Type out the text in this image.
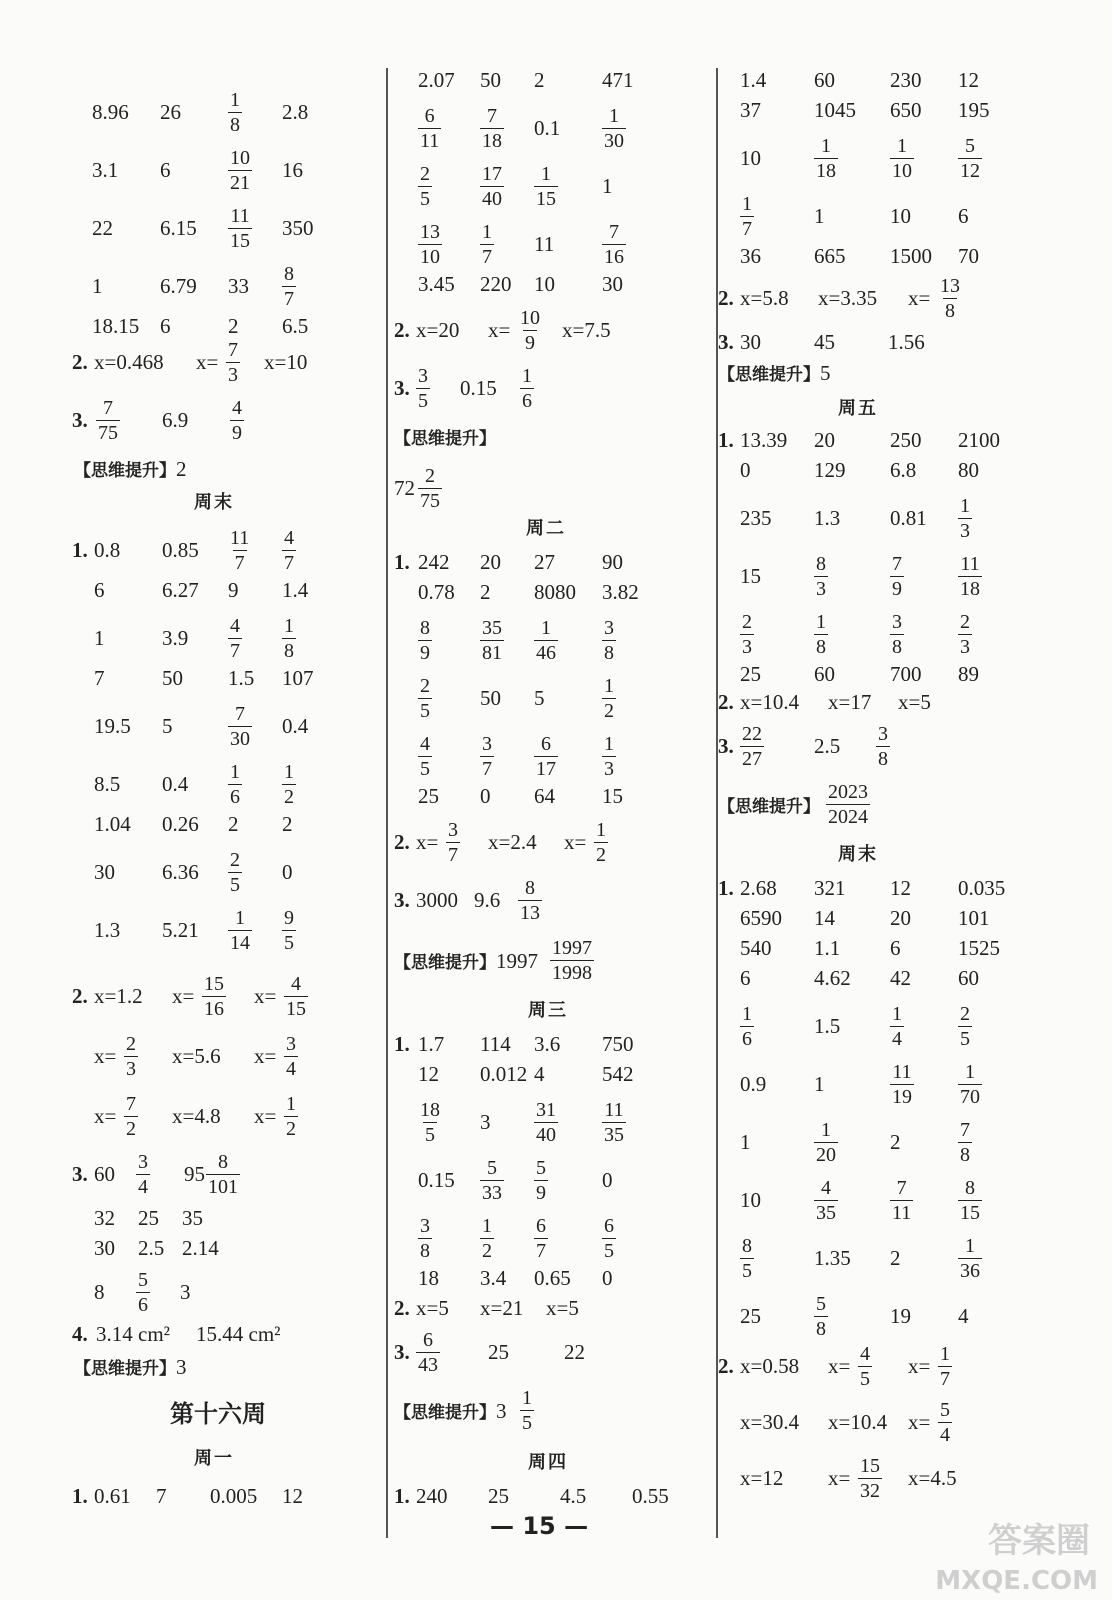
8.96 $26 \frac{1}{8} 2.8$
3.1 6	$\frac{10}{21} 16$
22 $6.15 \frac{11}{15} 350$
1	6.79 $33 \frac{8}{7}$
18.15 6	2 6.5
2. x=0.468 $x= \frac{7}{3} x=10$
3. $\frac{7}{75} 6.9 \frac{4}{9}$
【思维提升】2
周末
1. 0.8 $0.85 \frac{11}{7} \frac{4}{7}$
6	6.27 9 1.4
1	$3.9 \frac{4}{7} \frac{1}{8}$
7	50 1.5 107
19.5 5	$\frac{7}{30} 0.4$
8.5 $0.4 \frac{1}{6} \frac{1}{2}$
1.04 0.26 2 2
30 $6.36 \frac{2}{5} 0$
1.3 $5.21 \frac{1}{14} \frac{9}{5}$
2. x=1.2 $x= \frac{15}{16} x= \frac{4}{15}$
$x= \frac{2}{3} x=5.6$ $x= \frac{3}{4}$
$x= \frac{7}{2} x=4.8$ $x= \frac{1}{2}$
3. $60 \frac{3}{4} 95 \frac{8}{101}$
32 25 35
30 2.5 2.14
$8 \frac{5}{6} 3$
4. 3.14 cm² 15.44 cm²
【思维提升】3
第十六周
周一
1. 0.61 7 0.005 12
2.07 50 2	471
$\frac{6}{11} \frac{7}{18} 0.1 \frac{1}{30}$
$\frac{2}{5} \frac{17}{40} \frac{1}{15} 1$
$\frac{13}{10} \frac{1}{7} 11 \frac{7}{16}$
3.45 220 10 30
2. x=20 $x= \frac{10}{9} x=7.5$
3. $\frac{3}{5} 0.15 \frac{1}{6}$
【思维提升】
$72 \frac{2}{75}$
周二
1. 242 20 27 90
0.78 2 8080 3.82
$\frac{8}{9} \frac{35}{81} \frac{1}{46} \frac{3}{8}$
$\frac{2}{5} 50$ 5	$\frac{1}{2}$
$\frac{4}{5} \frac{3}{7} \frac{6}{17} \frac{1}{3}$
25 0 64 15
2. $x= \frac{3}{7} x=2.4$ $x= \frac{1}{2}$
3. 3000 $9.6 \frac{8}{13}$
【思维提升】$1997 \frac{1997}{1998}$
周三
1. 1.7 114 3.6 750
12 0.012 4	542
$\frac{18}{5} 3 \frac{31}{40} \frac{11}{35}$
$0.15 \frac{5}{33} \frac{5}{9}$	0
$\frac{3}{8} \frac{1}{2} \frac{6}{7}$	$\frac{6}{5}$
18 3.4 0.65 0
2. x=5 x=21 x=5
3. $\frac{6}{43} 25$	22
【思维提升】$3 \frac{1}{5}$
周四
1. 240 25 4.5 0.55
1.4 60	230 12
37	1045 650 195
10	$\frac{1}{18}$	$\frac{1}{10} \frac{5}{12}$
$\frac{1}{7}$	1	10 6
36	665 1500 70
2. x=5.8 x=3.35 $x= \frac{13}{8}$
3. 30	45	1.56
【思维提升】5
周五
1. 13.39 20	250 2100
0	129 6.8 80
235 1.3 $0.81 \frac{1}{3}$
15	$\frac{8}{3}$	$\frac{7}{9}$	$\frac{11}{18}$
$\frac{2}{3}$	$\frac{1}{8}$	$\frac{3}{8}$	$\frac{2}{3}$
25	60	700 89
2. x=10.4 x=17 x=5
3. $\frac{22}{27} 2.5 \frac{3}{8}$
【思维提升】 $\frac{2023}{2024}$
周末
1. 2.68 321 12 0.035
6590 14	20 101
540 1.1 6	1525
6	4.62 42 60
$\frac{1}{6}$	$1.5 \frac{1}{4}$	$\frac{2}{5}$
0.9 1	$\frac{11}{19} \frac{1}{70}$
1	$\frac{1}{20} 2$	$\frac{7}{8}$
10	$\frac{4}{35}$	$\frac{7}{11} \frac{8}{15}$
$\frac{8}{5}$	1.35 2	$\frac{1}{36}$
25	$\frac{5}{8}$	19 4
2. x=0.58 $x= \frac{4}{5} x= \frac{1}{7}$
x=30.4 x=10.4 $x= \frac{5}{4}$
x=12 $x= \frac{15}{32} x=4.5$
— 15 —	答案圈
MXQE.COM
